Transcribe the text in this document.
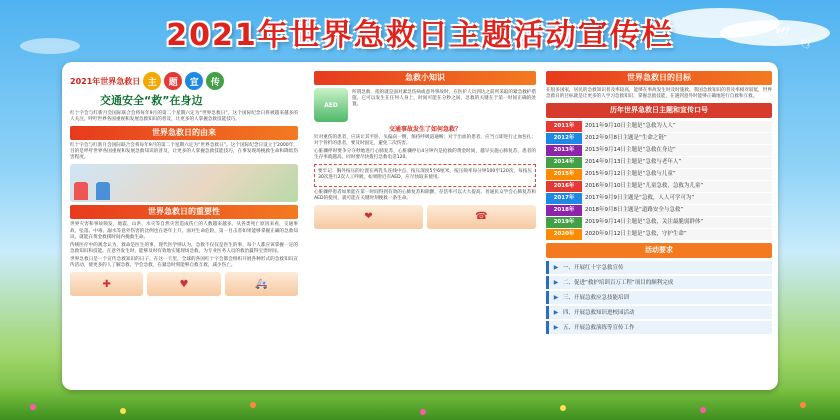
🕊
🕊
2021年世界急救日主题活动宣传栏
2021年世界急救日 主	题	宣	传
交通安全“救”在身边
红十字会与红新月会国际联合会将每年9月的第二个星期六定为“世界急救日”，这个国际纪念日将被越来越多的人关注。呼吁世界各国重视和发展急救知识的普及，让更多的人掌握急救技能技巧。
世界急救日的由来
红十字会与红新月会国际联合会将每年9月的第二个星期六定为“世界急救日”。这个国际纪念日设立于2000年，目的是呼吁世界各国重视和发展急救知识的普及，让更多的人掌握急救技能技巧，在事发现场挽救生命和降低伤害程度。
世界急救日的重要性
世界灾害和事故频发，地震、山洪、水灾等自然灾害造成伤亡的人数越来越多。从各类死亡原因来看，交通事故、坠落、中毒、溺水等意外伤害的比例也在逐年上升。面对生命危险，第一目击者如果能够掌握正确的急救知识，就能在黄金救援时间内挽救生命。
传统医疗中的观念认为，救命是医生的事。现代医学则认为，急救不仅仅是医生的事，每个人都应该掌握一定的急救知识和技能。在意外发生时，能够及时有效地实施现场急救，为专业医务人员的救治赢得宝贵时间。
世界急救日是一个宣传急救知识的日子。在这一天里，全球的各国红十字会都会组织开展各种形式的急救知识宣传活动，使更多的人了解急救、学会急救，在紧急时刻能够自救互救，减少伤亡。
✚	♥	🚑
急救小知识
AED
所谓急救，指的就是面对紧急伤病或意外事故时，在医护人员到达之前所采取的紧急救护措施。它可以发生在任何人身上，时间可能在分秒之间，急救的关键在于第一时间正确的处置。
交通事故发生了如何急救？
针对重伤的患者，应该让其平卧，头偏向一侧，保持呼吸道通畅；对于出血的患者，应当立即进行止血包扎；对于骨折的患者，要及时固定，避免二次伤害。
心脏骤停时要争分夺秒地进行心肺复苏，心脏骤停后4分钟内是抢救的黄金时间，越早实施心肺复苏，患者的生存率就越高。同时要尽快拨打急救电话120。
要牢记：胸外按压的位置在两乳头连线中点，按压深度5至6厘米，按压频率每分钟100至120次，每按压30次进行2次人工呼吸。如果附近有AED，应尽快取来使用。
心脏骤停患者如果能在第一时间得到有效的心肺复苏和除颤，存活率可以大大提高。普通民众学会心肺复苏和AED的使用，就可能在关键时刻挽救一条生命。
❤	☎
世界急救日的目标
在很多国家，居民的急救知识普及率较高，能够在事故发生时及时施救。我国急救知识的普及率相对较低，世界急救日的目标就是让更多的人学习急救知识，掌握急救技能，在遇到意外时能够正确地进行自救和互救。
历年世界急救日主题和宣传口号
2011年	2011年9月10日主题是“急救为人人”
2012年	2012年9月8日主题是“生命之链”
2013年	2013年9月14日主题是“急救在身边”
2014年	2014年9月13日主题是“急救与老年人”
2015年	2015年9月12日主题是“急救与儿童”
2016年	2016年9月10日主题是“儿童急救，急救为儿童”
2017年	2017年9月9日主题是“急救，人人可学可为”
2018年	2018年9月8日主题是“道路安全与急救”
2019年	2019年9月14日主题是“急救，关注最脆弱群体”
2020年	2020年9月12日主题是“急救，守护生命”
活动要求
▶ 一、开展红十字急救宣传
▶ 二、促进“救护培训百万工程”项目的顺利完成
▶ 三、开展急救应急技能培训
▶ 四、开展急救知识进校园活动
▶ 五、开展急救演练等宣传工作
